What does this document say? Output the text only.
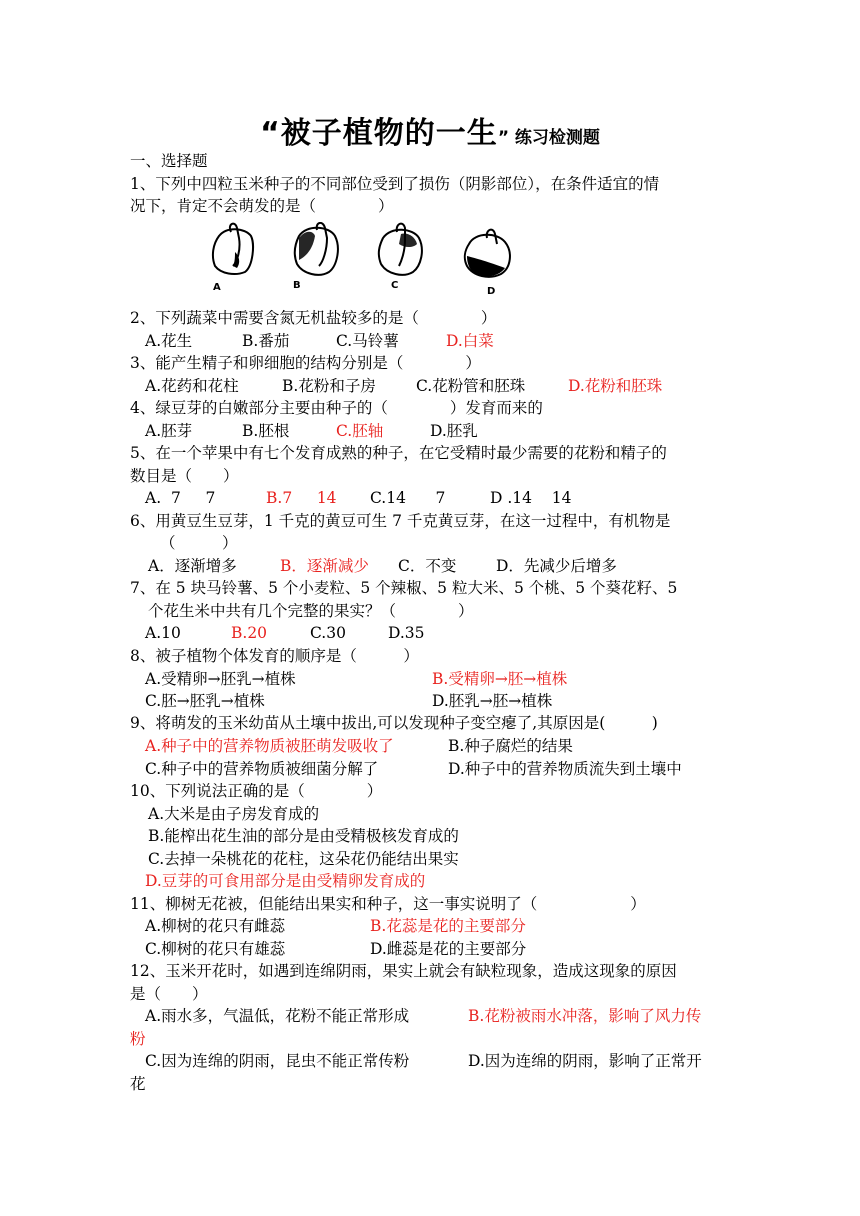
“被子植物的一生” 练习检测题
一、选择题
1、下列中四粒玉米种子的不同部位受到了损伤（阴影部位），在条件适宜的情
况下，肯定不会萌发的是（　　　　）
A	B	C
D
2、下列蔬菜中需要含氮无机盐较多的是（　　　　）
A.花生	B.番茄	C.马铃薯	D.白菜
3、能产生精子和卵细胞的结构分别是（　　　　）
A.花药和花柱	B.花粉和子房	C.花粉管和胚珠	D.花粉和胚珠
4、绿豆芽的白嫩部分主要由种子的（　　　　）发育而来的
A.胚芽	B.胚根	C.胚轴	D.胚乳
5、在一个苹果中有七个发育成熟的种子，在它受精时最少需要的花粉和精子的
数目是（　　）
A.  7     7	B.7     14 C.14      7	D .14    14
6、用黄豆生豆芽，1 千克的黄豆可生 7 千克黄豆芽，在这一过程中，有机物是
（　　　）
A．逐渐增多	B．逐渐减少 C．不变	D．先减少后增多
7、在 5 块马铃薯、5 个小麦粒、5 个辣椒、5 粒大米、5 个桃、5 个葵花籽、5
个花生米中共有几个完整的果实？（　　　　）
A.10	B.20	C.30	D.35
8、被子植物个体发育的顺序是（　　　）
A.受精卵→胚乳→植株	B.受精卵→胚→植株
C.胚→胚乳→植株	D.胚乳→胚→植株
9、将萌发的玉米幼苗从土壤中拔出,可以发现种子变空瘪了,其原因是(　　　)
A.种子中的营养物质被胚萌发吸收了	B.种子腐烂的结果
C.种子中的营养物质被细菌分解了	D.种子中的营养物质流失到土壤中
10、下列说法正确的是（　　　　）
A.大米是由子房发育成的
B.能榨出花生油的部分是由受精极核发育成的
C.去掉一朵桃花的花柱，这朵花仍能结出果实
D.豆芽的可食用部分是由受精卵发育成的
11、柳树无花被，但能结出果实和种子，这一事实说明了（　　　　　　）
A.柳树的花只有雌蕊	B.花蕊是花的主要部分
C.柳树的花只有雄蕊	D.雌蕊是花的主要部分
12、玉米开花时，如遇到连绵阴雨，果实上就会有缺粒现象，造成这现象的原因
是（　　）
A.雨水多，气温低，花粉不能正常形成	B.花粉被雨水冲落，影响了风力传
粉
C.因为连绵的阴雨，昆虫不能正常传粉	D.因为连绵的阴雨，影响了正常开
花
